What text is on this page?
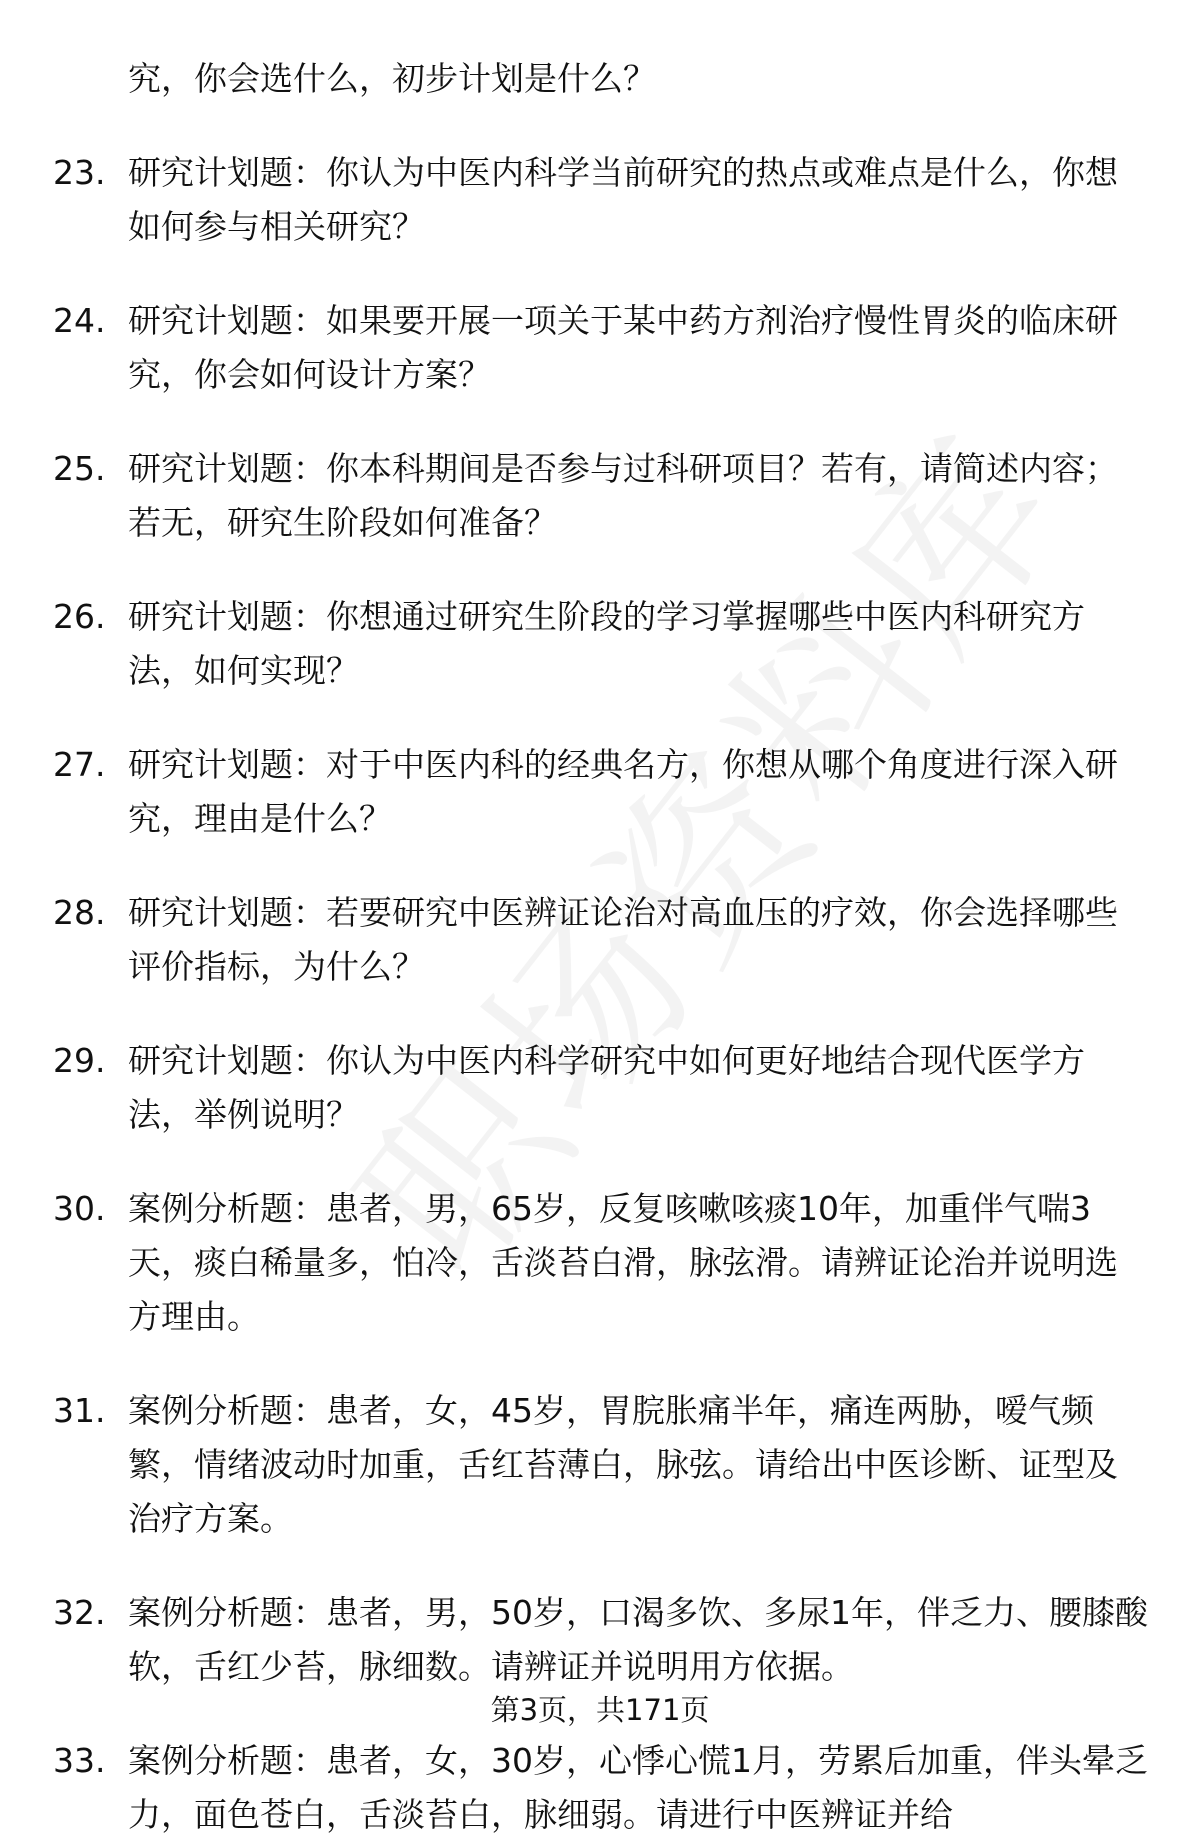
究，你会选什么，初步计划是什么？
23. 研究计划题：你认为中医内科学当前研究的热点或难点是什么，你想如何参与相关研究？
24. 研究计划题：如果要开展一项关于某中药方剂治疗慢性胃炎的临床研究，你会如何设计方案？
25. 研究计划题：你本科期间是否参与过科研项目？若有，请简述内容；若无，研究生阶段如何准备？
26. 研究计划题：你想通过研究生阶段的学习掌握哪些中医内科研究方法，如何实现？
27. 研究计划题：对于中医内科的经典名方，你想从哪个角度进行深入研究，理由是什么？
28. 研究计划题：若要研究中医辨证论治对高血压的疗效，你会选择哪些评价指标，为什么？
29. 研究计划题：你认为中医内科学研究中如何更好地结合现代医学方法，举例说明？
30. 案例分析题：患者，男，65岁，反复咳嗽咳痰10年，加重伴气喘3天，痰白稀量多，怕冷，舌淡苔白滑，脉弦滑。请辨证论治并说明选方理由。
31. 案例分析题：患者，女，45岁，胃脘胀痛半年，痛连两胁，嗳气频繁，情绪波动时加重，舌红苔薄白，脉弦。请给出中医诊断、证型及治疗方案。
32. 案例分析题：患者，男，50岁，口渴多饮、多尿1年，伴乏力、腰膝酸软，舌红少苔，脉细数。请辨证并说明用方依据。
33. 案例分析题：患者，女，30岁，心悸心慌1月，劳累后加重，伴头晕乏力，面色苍白，舌淡苔白，脉细弱。请进行中医辨证并给
第3页，共171页
